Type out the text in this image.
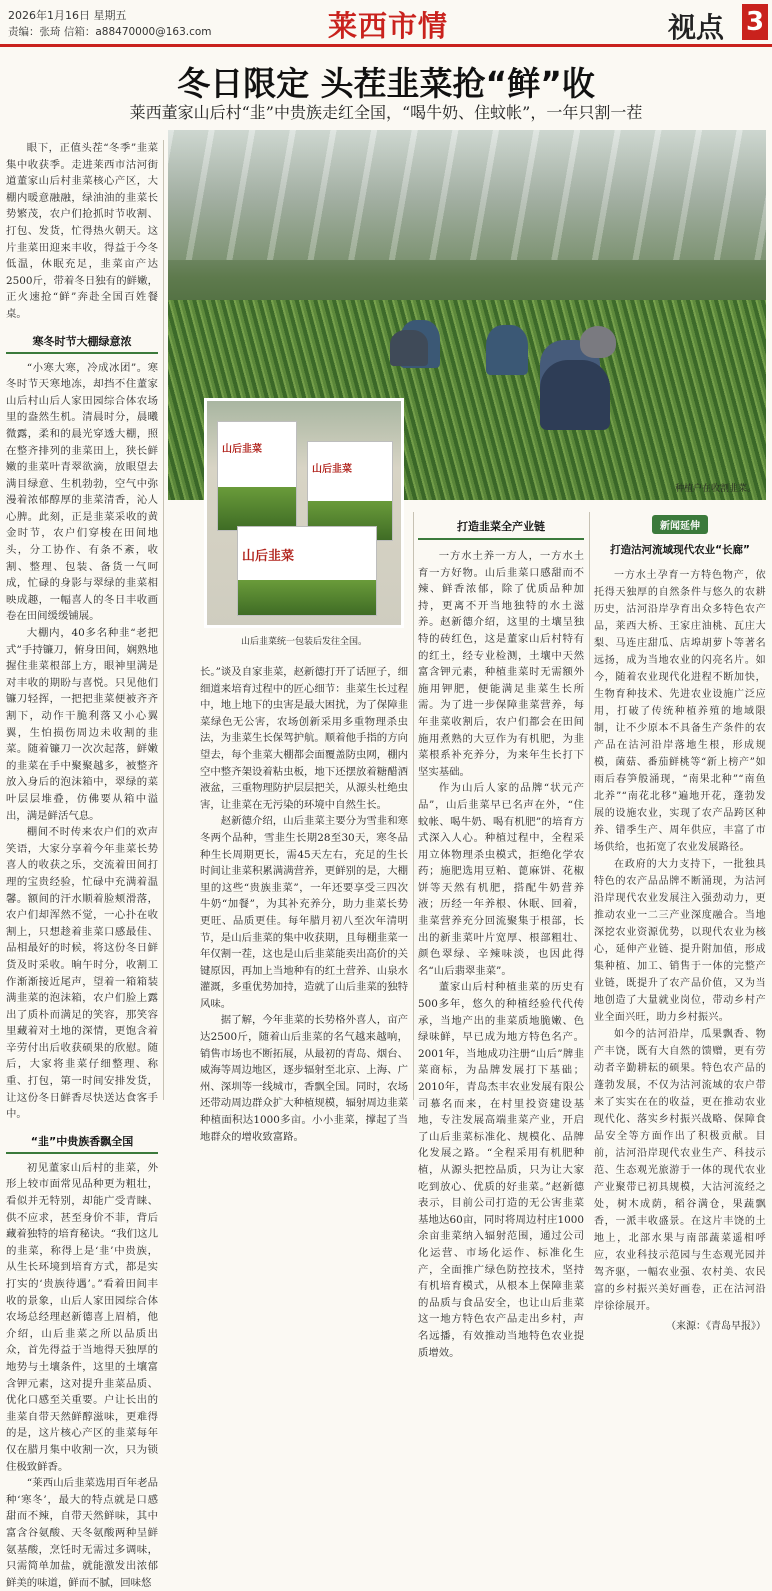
2026年1月16日 星期五
责编：张琦 信箱：a88470000@163.com	莱西市情	视点 3
冬日限定 头茬韭菜抢“鲜”收
莱西董家山后村“韭”中贵族走红全国，“喝牛奶、住蚊帐”，一年只割一茬

眼下，正值头茬“冬季”韭菜集中收获季。走进莱西市沽河街道董家山后村韭菜核心产区，大棚内暖意融融，绿油油的韭菜长势繁茂，农户们抢抓时节收割、打包、发货，忙得热火朝天。这片韭菜田迎来丰收，得益于今冬低温，休眠充足，韭菜亩产达2500斤，带着冬日独有的鲜嫩，正火速抢“鲜”奔赴全国百姓餐桌。

寒冬时节大棚绿意浓

“小寒大寒，冷成冰团”。寒冬时节天寒地冻，却挡不住董家山后村山后人家田园综合体农场里的盎然生机。清晨时分，晨曦微露，柔和的晨光穿透大棚，照在整齐排列的韭菜田上，狭长鲜嫩的韭菜叶青翠欲滴，放眼望去满目绿意、生机勃勃，空气中弥漫着浓郁醇厚的韭菜清香，沁人心脾。此刻，正是韭菜采收的黄金时节，农户们穿梭在田间地头，分工协作、有条不紊，收割、整理、包装、备货一气呵成，忙碌的身影与翠绿的韭菜相映成趣，一幅喜人的冬日丰收画卷在田间缓缓铺展。

大棚内，40多名种韭“老把式”手持镰刀，俯身田间，娴熟地握住韭菜根部上方，眼神里满是对丰收的期盼与喜悦。只见他们镰刀轻挥，一把把韭菜便被齐齐割下，动作干脆利落又小心翼翼，生怕损伤周边未收割的韭菜。随着镰刀一次次起落，鲜嫩的韭菜在手中聚聚越多，被整齐放入身后的泡沫箱中，翠绿的菜叶层层堆叠，仿佛要从箱中溢出，满是鲜活气息。

棚间不时传来农户们的欢声笑语，大家分享着今年韭菜长势喜人的收获之乐，交流着田间打理的宝贵经验，忙碌中充满着温馨。额间的汗水顺着脸颊滑落，农户们却浑然不觉，一心扑在收割上，只想趁着韭菜口感最佳、品相最好的时候，将这份冬日鲜货及时采收。晌午时分，收割工作渐渐接近尾声，望着一箱箱装满韭菜的泡沫箱，农户们脸上露出了质朴而满足的笑容，那笑容里藏着对土地的深情，更饱含着辛劳付出后收获硕果的欣慰。随后，大家将韭菜仔细整理、称重、打包，第一时间安排发货，让这份冬日鲜香尽快送达食客手中。

“韭”中贵族香飘全国

初见董家山后村的韭菜，外形上较市面常见品种更为粗壮，看似并无特别，却能广受青睐、供不应求，甚至身价不菲，背后藏着独特的培育秘诀。“我们这儿的韭菜，称得上是‘韭’中贵族，从生长环境到培育方式，都是实打实的‘贵族待遇’。”看着田间丰收的景象，山后人家田园综合体农场总经理赵新德喜上眉梢，他介绍，山后韭菜之所以品质出众，首先得益于当地得天独厚的地势与土壤条件，这里的土壤富含钾元素，这对提升韭菜品质、优化口感至关重要。户让长出的韭菜自带天然鲜醇滋味，更难得的是，这片核心产区的韭菜每年仅在腊月集中收割一次，只为锁住极致鲜香。

“莱西山后韭菜选用百年老品种‘寒冬’，最大的特点就是口感甜而不辣，自带天然鲜味，其中富含谷氨酸、天冬氨酸两种呈鲜氨基酸，烹饪时无需过多调味，只需简单加盐，就能激发出浓郁鲜美的味道，鲜而不腻，回味悠

种植户在收割韭菜。
山后韭菜
山后韭菜
山后韭菜
山后韭菜统一包装后发往全国。

长。”谈及自家韭菜，赵新德打开了话匣子，细细道来培育过程中的匠心细节：韭菜生长过程中，地上地下的虫害是最大困扰，为了保障韭菜绿色无公害，农场创新采用多重物理杀虫法，为韭菜生长保驾护航。顺着他手指的方向望去，每个韭菜大棚都会面覆盖防虫网，棚内空中整齐架设着粘虫板，地下还摆放着糖醋酒液盆，三重物理防护层层把关，从源头杜绝虫害，让韭菜在无污染的环境中自然生长。

赵新德介绍，山后韭菜主要分为雪韭和寒冬两个品种，雪韭生长期28至30天，寒冬品种生长周期更长，需45天左右，充足的生长时间让韭菜积累满满营养，更鲜别的是，大棚里的这些“贵族韭菜”，一年还要享受三四次牛奶“加餐”，为其补充养分，助力韭菜长势更旺、品质更佳。每年腊月初八至次年清明节，是山后韭菜的集中收获期，且每棚韭菜一年仅割一茬，这也是山后韭菜能卖出高价的关键原因，再加上当地种有的红土营养、山泉水灌溉，多重优势加持，造就了山后韭菜的独特风味。

据了解，今年韭菜的长势格外喜人，亩产达2500斤，随着山后韭菜的名气越来越响，销售市场也不断拓展，从最初的青岛、烟台、威海等周边地区，逐步辐射至北京、上海、广州、深圳等一线城市，香飘全国。同时，农场还带动周边群众扩大种植规模，辐射周边韭菜种植面积达1000多亩。小小韭菜，撑起了当地群众的增收致富路。

打造韭菜全产业链

一方水土养一方人，一方水土育一方好物。山后韭菜口感甜而不辣、鲜香浓郁，除了优质品种加持，更离不开当地独特的水土滋养。赵新德介绍，这里的土壤呈独特的砖红色，这是董家山后村特有的红土，经专业检测，土壤中天然富含钾元素，种植韭菜时无需额外施用钾肥，便能满足韭菜生长所需。为了进一步保障韭菜营养，每年韭菜收割后，农户们都会在田间施用煮熟的大豆作为有机肥，为韭菜根系补充养分，为来年生长打下坚实基础。

作为山后人家的品牌“状元产品”，山后韭菜早已名声在外，“住蚊帐、喝牛奶、喝有机肥”的培育方式深入人心。种植过程中，全程采用立体物理杀虫模式，拒绝化学农药；施肥选用豆粕、蓖麻饼、花椒饼等天然有机肥，搭配牛奶营养液；历经一年养根、休眠、回着，韭菜营养充分回流聚集于根部，长出的新韭菜叶片宽厚、根部粗壮、颜色翠绿、辛辣味淡，也因此得名“山后翡翠韭菜”。

董家山后村种植韭菜的历史有500多年，悠久的种植经验代代传承，当地产出的韭菜质地脆嫩、色绿味鲜，早已成为地方特色名产。2001年，当地成功注册“山后”牌韭菜商标，为品牌发展打下基础；2010年，青岛杰丰农业发展有限公司慕名而来，在村里投资建设基地，专注发展高端韭菜产业，开启了山后韭菜标准化、规模化、品牌化发展之路。“全程采用有机肥种植，从源头把控品质，只为让大家吃到放心、优质的好韭菜。”赵新德表示，目前公司打造的无公害韭菜基地达60亩，同时将周边村庄1000余亩韭菜纳入辐射范围，通过公司化运营、市场化运作、标准化生产，全面推广绿色防控技术，坚持有机培育模式，从根本上保障韭菜的品质与食品安全，也让山后韭菜这一地方特色农产品走出乡村，声名远播，有效推动当地特色农业提质增效。

新闻延伸
打造沽河流域现代农业“长廊”

一方水土孕育一方特色物产，依托得天独厚的自然条件与悠久的农耕历史，沽河沿岸孕育出众多特色农产品，莱西大桥、王家庄油桃、瓦庄大梨、马连庄甜瓜、店埠胡萝卜等著名远扬，成为当地农业的闪亮名片。如今，随着农业现代化进程不断加快，生物育种技术、先进农业设施广泛应用，打破了传统种植养殖的地域限制，让不少原本不具备生产条件的农产品在沽河沿岸落地生根，形成规模，菌菇、番茄鲜桃等“新上榜产”如雨后春笋般涌现，“南果北种”“南鱼北养”“南花北移”遍地开花，蓬勃发展的设施农业，实现了农产品跨区种养、错季生产、周年供应，丰富了市场供给，也拓宽了农业发展路径。

在政府的大力支持下，一批独具特色的农产品品牌不断涌现，为沽河沿岸现代农业发展注入强劲动力，更推动农业一二三产业深度融合。当地深挖农业资源优势，以现代农业为核心，延伸产业链、提升附加值，形成集种植、加工、销售于一体的完整产业链，既提升了农产品价值，又为当地创造了大量就业岗位，带动乡村产业全面兴旺，助力乡村振兴。

如今的沽河沿岸，瓜果飘香、物产丰饶，既有大自然的馈赠，更有劳动者辛勤耕耘的硕果。特色农产品的蓬勃发展，不仅为沽河流域的农户带来了实实在在的收益，更在推动农业现代化、落实乡村振兴战略、保障食品安全等方面作出了积极贡献。目前，沽河沿岸现代农业生产、科技示范、生态观光旅游于一体的现代农业产业聚带已初具规模，大沽河流经之处，树木成荫，稻谷满仓，果蔬飘香，一派丰收盛景。在这片丰饶的土地上，北部水果与南部蔬菜遥相呼应，农业科技示范园与生态观光园并驾齐驱，一幅农业强、农村美、农民富的乡村振兴美好画卷，正在沽河沿岸徐徐展开。

（来源：《青岛早报》）
